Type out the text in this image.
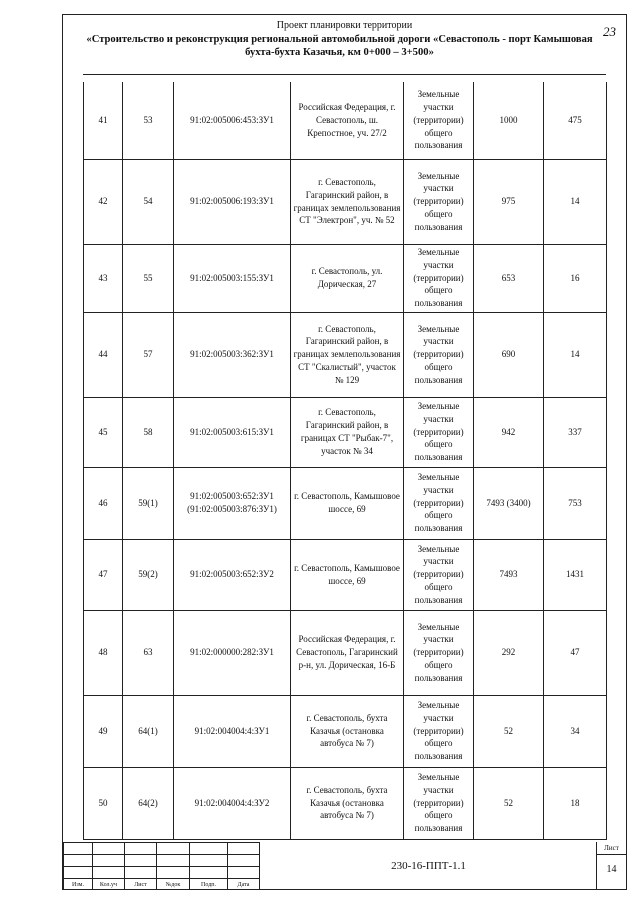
23
Проект планировки территории
«Строительство и реконструкция региональной автомобильной дороги «Севастополь - порт Камышовая бухта-бухта Казачья, км 0+000 – 3+500»
41	53	91:02:005006:453:ЗУ1	Российская Федерация, г. Севастополь, ш. Крепостное, уч. 27/2	Земельные участки (территории) общего пользования	1000	475
42	54	91:02:005006:193:ЗУ1	г. Севастополь, Гагаринский район, в границах землепользования СТ "Электрон", уч. № 52	Земельные участки (территории) общего пользования	975	14
43	55	91:02:005003:155:ЗУ1	г. Севастополь, ул. Дорическая, 27	Земельные участки (территории) общего пользования	653	16
44	57	91:02:005003:362:ЗУ1	г. Севастополь, Гагаринский район, в границах землепользования СТ "Скалистый", участок № 129	Земельные участки (территории) общего пользования	690	14
45	58	91:02:005003:615:ЗУ1	г. Севастополь, Гагаринский район, в границах СТ "Рыбак-7", участок № 34	Земельные участки (территории) общего пользования	942	337
46	59(1)	91:02:005003:652:ЗУ1 (91:02:005003:876:ЗУ1)	г. Севастополь, Камышовое шоссе, 69	Земельные участки (территории) общего пользования	7493 (3400)	753
47	59(2)	91:02:005003:652:ЗУ2	г. Севастополь, Камышовое шоссе, 69	Земельные участки (территории) общего пользования	7493	1431
48	63	91:02:000000:282:ЗУ1	Российская Федерация, г. Севастополь, Гагаринский р-н, ул. Дорическая, 16-Б	Земельные участки (территории) общего пользования	292	47
49	64(1)	91:02:004004:4:ЗУ1	г. Севастополь, бухта Казачья (остановка автобуса № 7)	Земельные участки (территории) общего пользования	52	34
50	64(2)	91:02:004004:4:ЗУ2	г. Севастополь, бухта Казачья (остановка автобуса № 7)	Земельные участки (территории) общего пользования	52	18

Изм.	Кол.уч	Лист	№док	Подп.	Дата
230-16-ППТ-1.1
Лист
14
